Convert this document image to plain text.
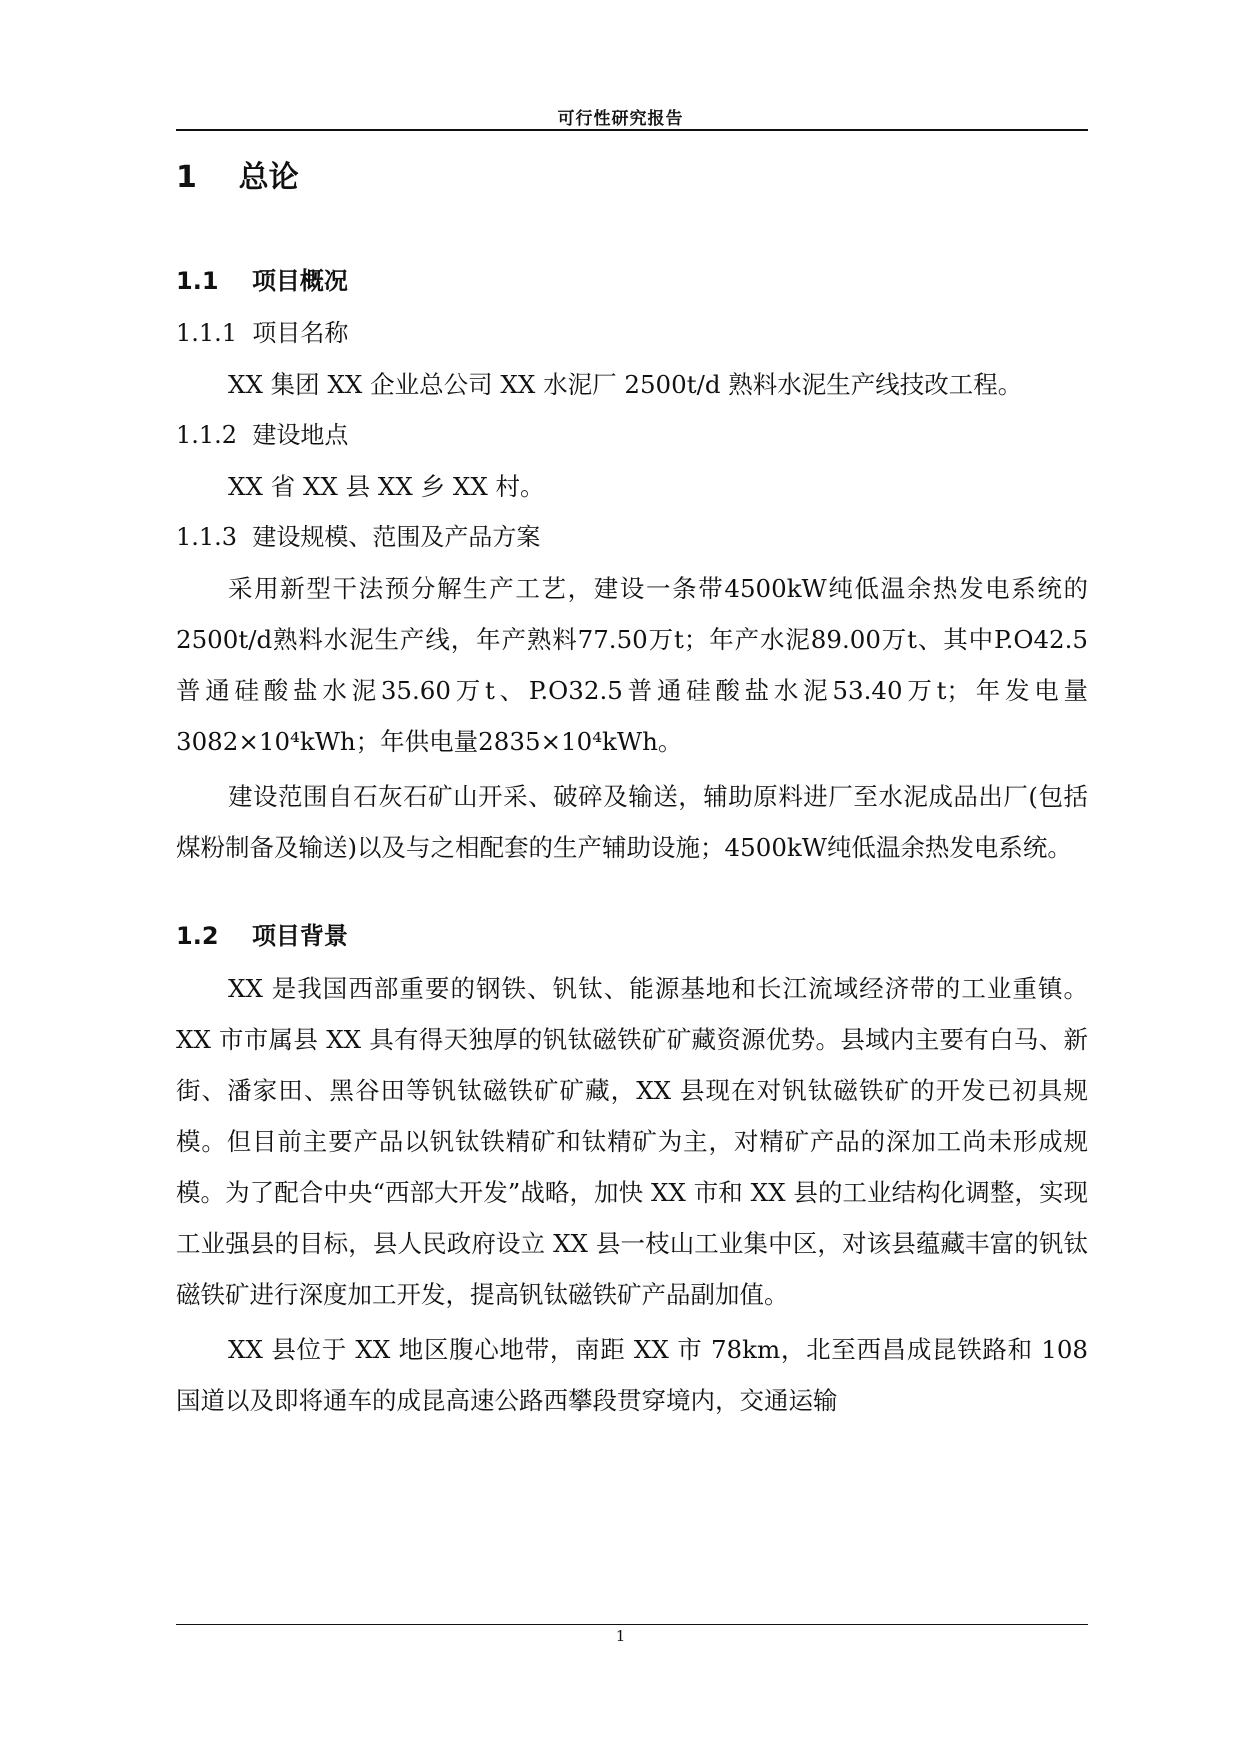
可行性研究报告
1    总论
1.1    项目概况
1.1.1  项目名称

XX 集团 XX 企业总公司 XX 水泥厂 2500t/d 熟料水泥生产线技改工程。

1.1.2  建设地点

XX 省 XX 县 XX 乡 XX 村。

1.1.3  建设规模、范围及产品方案

采用新型干法预分解生产工艺，建设一条带4500kW纯低温余热发电系统的2500t/d熟料水泥生产线，年产熟料77.50万t；年产水泥89.00万t、其中P.O42.5普通硅酸盐水泥35.60万t、P.O32.5普通硅酸盐水泥53.40万t；年发电量3082×10⁴kWh；年供电量2835×10⁴kWh。

建设范围自石灰石矿山开采、破碎及输送，辅助原料进厂至水泥成品出厂(包括煤粉制备及输送)以及与之相配套的生产辅助设施；4500kW纯低温余热发电系统。

1.2    项目背景

XX 是我国西部重要的钢铁、钒钛、能源基地和长江流域经济带的工业重镇。XX 市市属县 XX 具有得天独厚的钒钛磁铁矿矿藏资源优势。县域内主要有白马、新街、潘家田、黑谷田等钒钛磁铁矿矿藏，XX 县现在对钒钛磁铁矿的开发已初具规模。但目前主要产品以钒钛铁精矿和钛精矿为主，对精矿产品的深加工尚未形成规模。为了配合中央“西部大开发”战略，加快 XX 市和 XX 县的工业结构化调整，实现工业强县的目标，县人民政府设立 XX 县一枝山工业集中区，对该县蕴藏丰富的钒钛磁铁矿进行深度加工开发，提高钒钛磁铁矿产品副加值。

XX 县位于 XX 地区腹心地带，南距 XX 市 78km，北至西昌成昆铁路和 108 国道以及即将通车的成昆高速公路西攀段贯穿境内，交通运输

1
